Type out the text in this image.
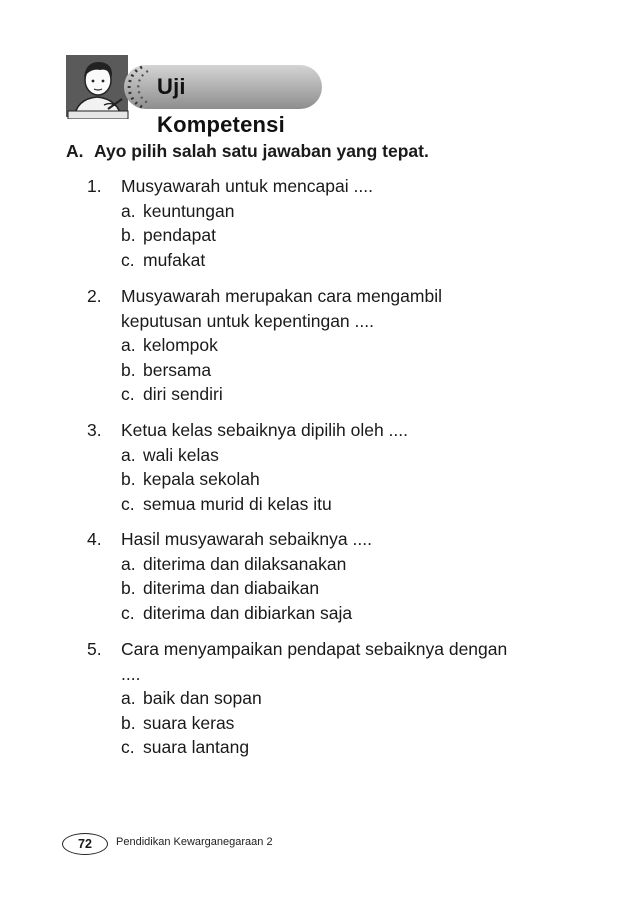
Uji Kompetensi
A. Ayo pilih salah satu jawaban yang tepat.
1.	Musyawarah untuk mencapai ....
a. keuntungan
b. pendapat
c. mufakat
2.	Musyawarah merupakan cara mengambil
keputusan untuk kepentingan ....
a. kelompok
b. bersama
c. diri sendiri
3.	Ketua kelas sebaiknya dipilih oleh ....
a. wali kelas
b. kepala sekolah
c. semua murid di kelas itu
4.	Hasil musyawarah sebaiknya ....
a. diterima dan dilaksanakan
b. diterima dan diabaikan
c. diterima dan dibiarkan saja
5.	Cara menyampaikan pendapat sebaiknya dengan
....
a. baik dan sopan
b. suara keras
c. suara lantang
72	Pendidikan Kewarganegaraan 2
